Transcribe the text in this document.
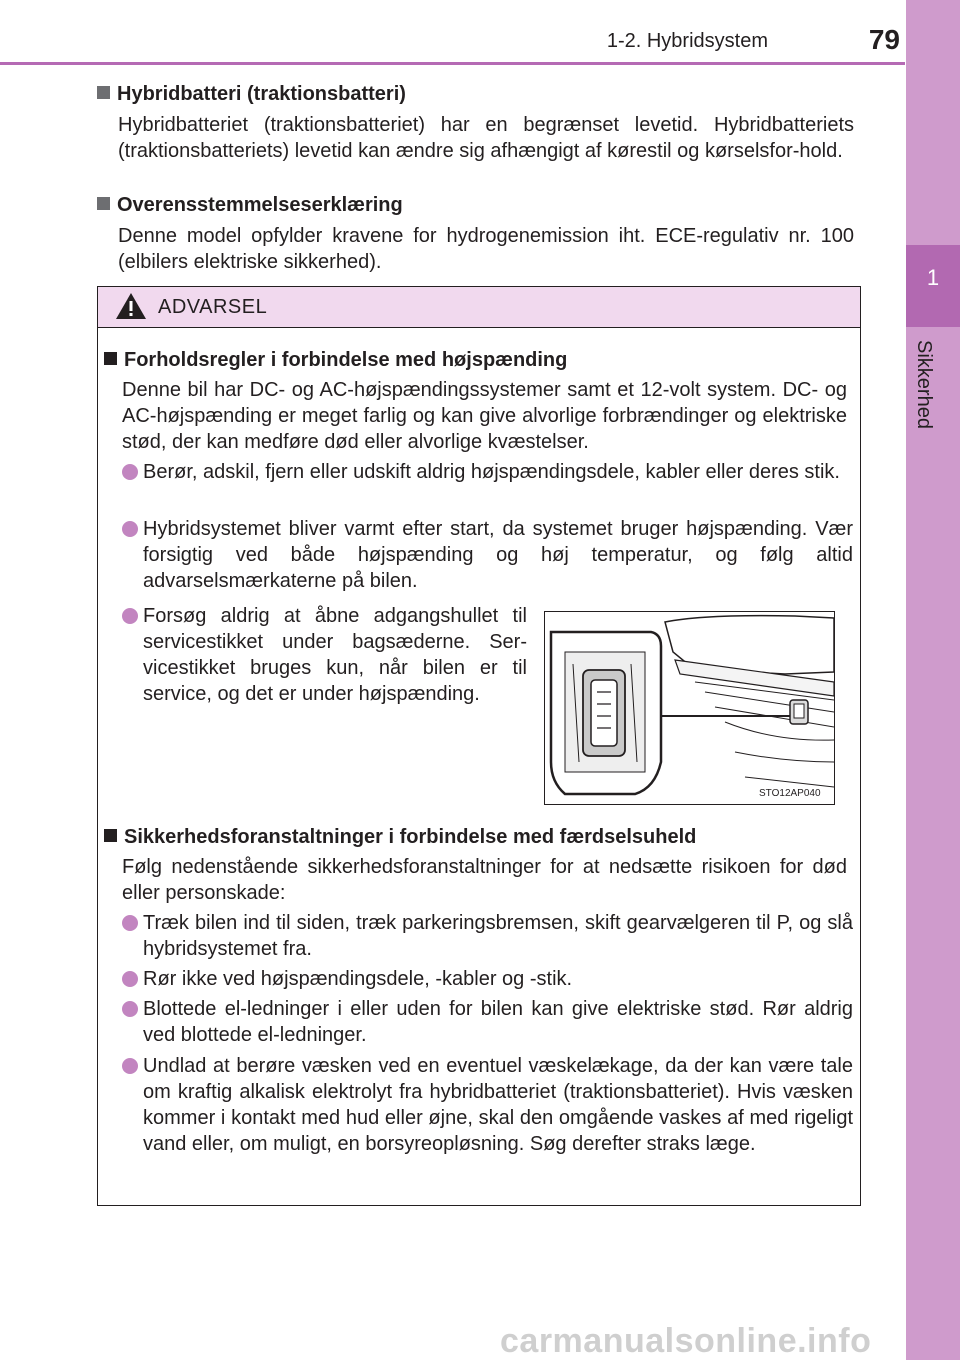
1-2. Hybridsystem	79
1
Sikkerhed
Hybridbatteri (traktionsbatteri)

Hybridbatteriet (traktionsbatteriet) har en begrænset levetid. Hybridbatteriets (traktionsbatteriets) levetid kan ændre sig afhængigt af kørestil og kørselsfor-hold.

Overensstemmelseserklæring

Denne model opfylder kravene for hydrogenemission iht. ECE-regulativ nr. 100 (elbilers elektriske sikkerhed).

ADVARSEL
Forholdsregler i forbindelse med højspænding

Denne bil har DC- og AC-højspændingssystemer samt et 12-volt system. DC- og AC-højspænding er meget farlig og kan give alvorlige forbrændinger og elektriske stød, der kan medføre død eller alvorlige kvæstelser.

Berør, adskil, fjern eller udskift aldrig højspændingsdele, kabler eller deres stik.

Hybridsystemet bliver varmt efter start, da systemet bruger højspænding. Vær forsigtig ved både højspænding og høj temperatur, og følg altid advarselsmærkaterne på bilen.

Forsøg aldrig at åbne adgangshullet til servicestikket under bagsæderne. Ser-vicestikket bruges kun, når bilen er til service, og det er under højspænding.

STO12AP040
Sikkerhedsforanstaltninger i forbindelse med færdselsuheld

Følg nedenstående sikkerhedsforanstaltninger for at nedsætte risikoen for død eller personskade:

Træk bilen ind til siden, træk parkeringsbremsen, skift gearvælgeren til P, og slå hybridsystemet fra.

Rør ikke ved højspændingsdele, -kabler og -stik.

Blottede el-ledninger i eller uden for bilen kan give elektriske stød. Rør aldrig ved blottede el-ledninger.

Undlad at berøre væsken ved en eventuel væskelækage, da der kan være tale om kraftig alkalisk elektrolyt fra hybridbatteriet (traktionsbatteriet). Hvis væsken kommer i kontakt med hud eller øjne, skal den omgående vaskes af med rigeligt vand eller, om muligt, en borsyreopløsning. Søg derefter straks læge.

carmanualsonline.info
